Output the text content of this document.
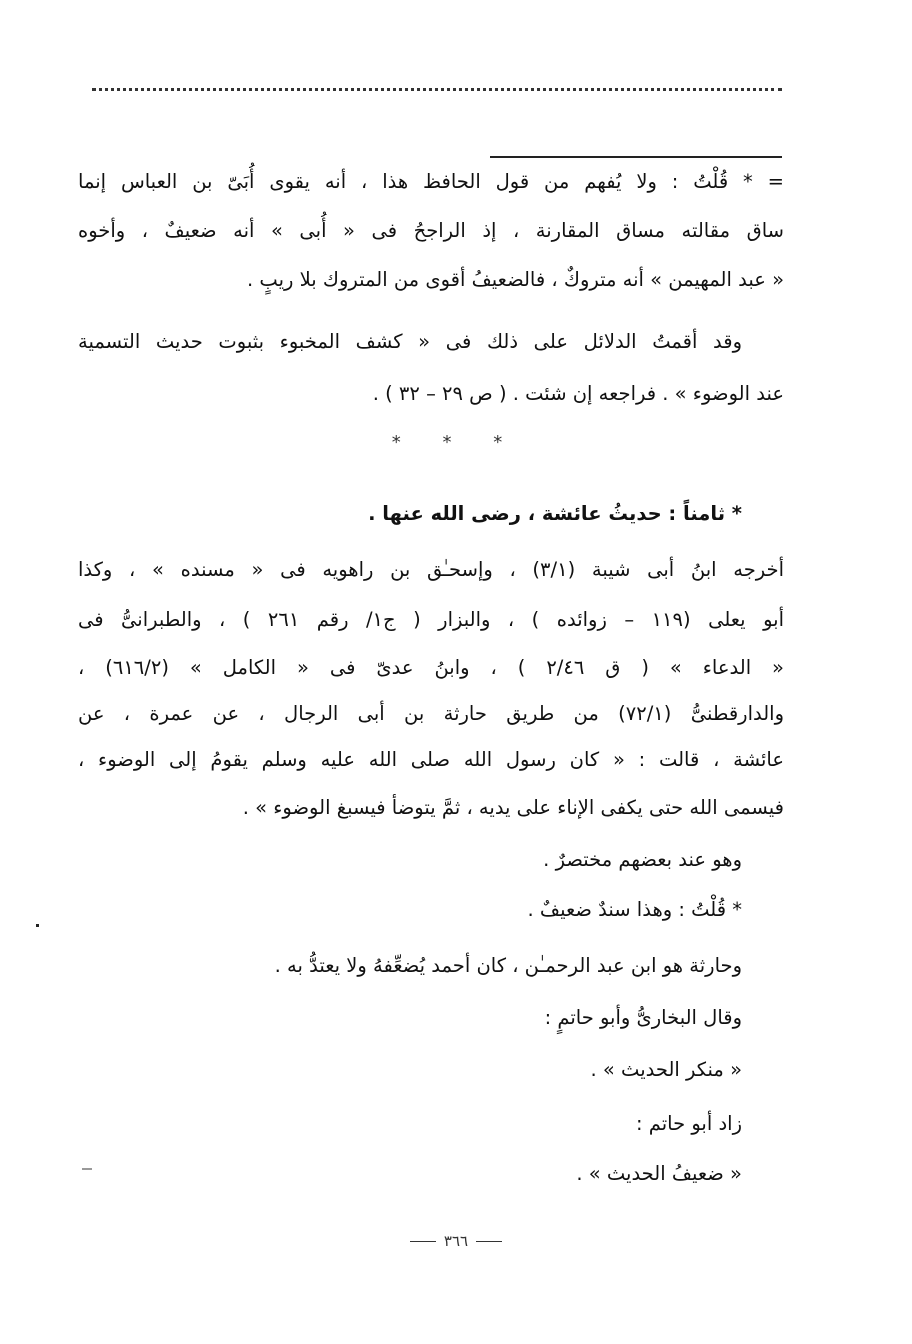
= * قُلْتُ : ولا يُفهم من قول الحافظ هذا ، أنه يقوى أُبَىّ بن العباس إنما
ساق مقالته مساق المقارنة ، إذ الراجحُ فى « أُبى » أنه ضعيفٌ ، وأخوه
« عبد المهيمن » أنه متروكٌ ، فالضعيفُ أقوى من المتروك بلا ريبٍ .
وقد أقمتُ الدلائل على ذلك فى « كشف المخبوء بثبوت حديث التسمية
عند الوضوء » . فراجعه إن شئت . ( ص ٢٩ – ٣٢ ) .
* * *
* ثامناً : حديثُ عائشة ، رضى الله عنها .
أخرجه ابنُ أبى شيبة (٣/١) ، وإسحـٰق بن راهويه فى « مسنده » ، وكذا
أبو يعلى (١١٩ – زوائده ) ، والبزار ( ج١/ رقم ٢٦١ ) ، والطبرانىُّ فى
« الدعاء » ( ق ٢/٤٦ ) ، وابنُ عدىّ فى « الكامل » (٦١٦/٢) ،
والدارقطنىُّ (٧٢/١) من طريق حارثة بن أبى الرجال ، عن عمرة ، عن
عائشة ، قالت : « كان رسول الله صلى الله عليه وسلم يقومُ إلى الوضوء ،
فيسمى الله حتى يكفى الإناء على يديه ، ثمَّ يتوضأ فيسبغ الوضوء » .
وهو عند بعضهم مختصرٌ .
* قُلْتُ : وهذا سندٌ ضعيفٌ .
وحارثة هو ابن عبد الرحمـٰن ، كان أحمد يُضعِّفهُ ولا يعتدُّ به .
وقال البخارىُّ وأبو حاتمٍ :
« منكر الحديث » .
زاد أبو حاتم :
« ضعيفُ الحديث » .
٣٦٦
